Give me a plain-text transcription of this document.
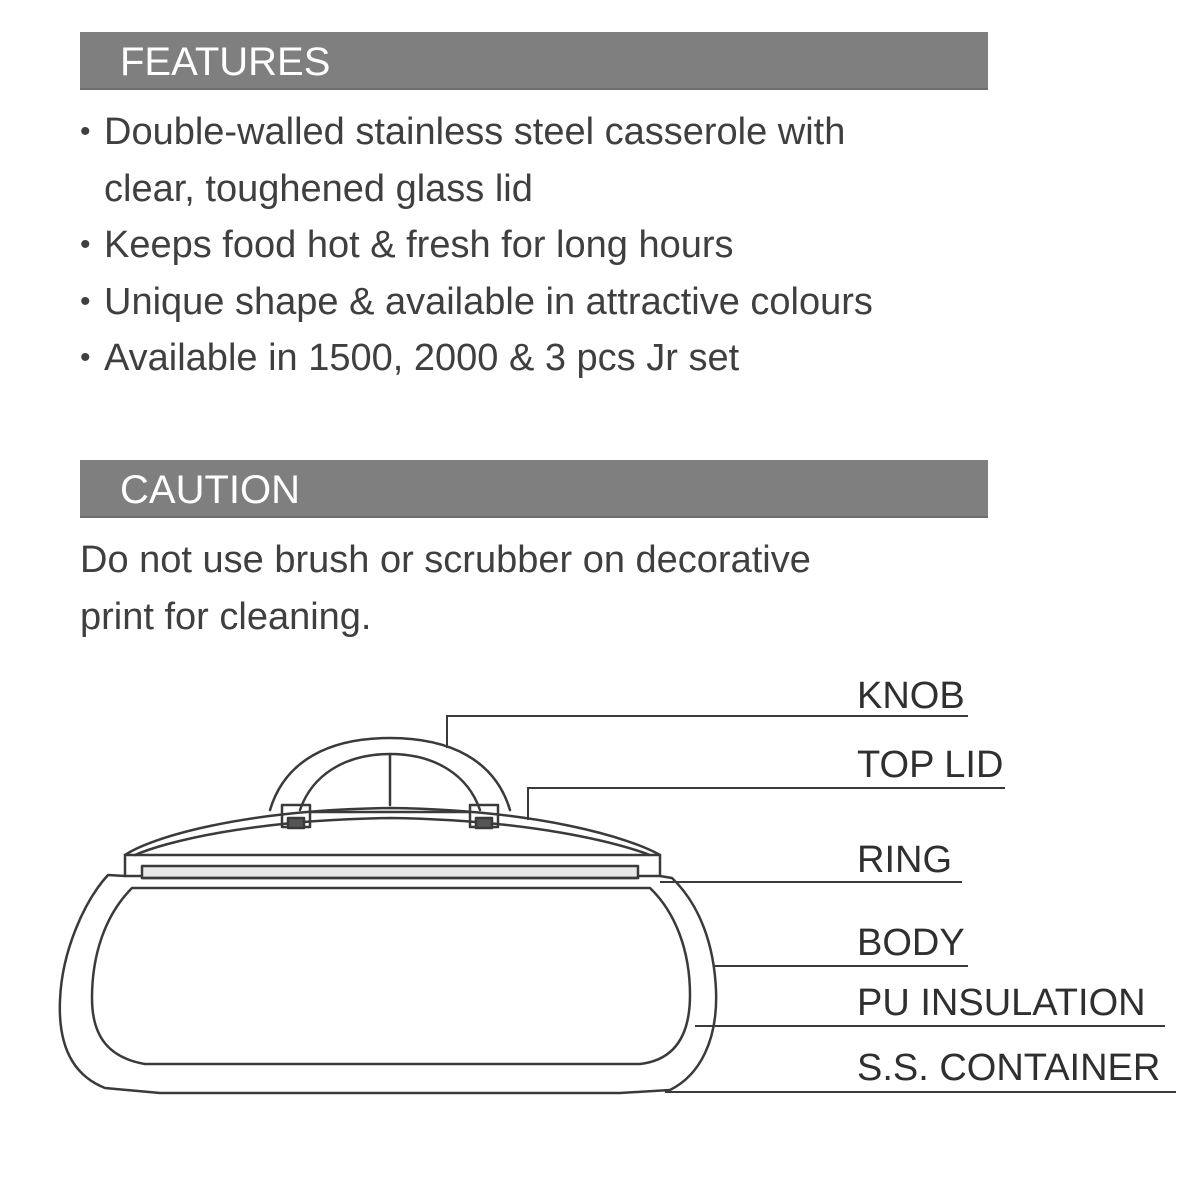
FEATURES
• Double-walled stainless steel casserole with
clear, toughened glass lid
• Keeps food hot & fresh for long hours
• Unique shape & available in attractive colours
• Available in 1500, 2000 & 3 pcs Jr set
CAUTION
Do not use brush or scrubber on decorative
print for cleaning.
KNOB
TOP LID
RING
BODY
PU INSULATION
S.S. CONTAINER
